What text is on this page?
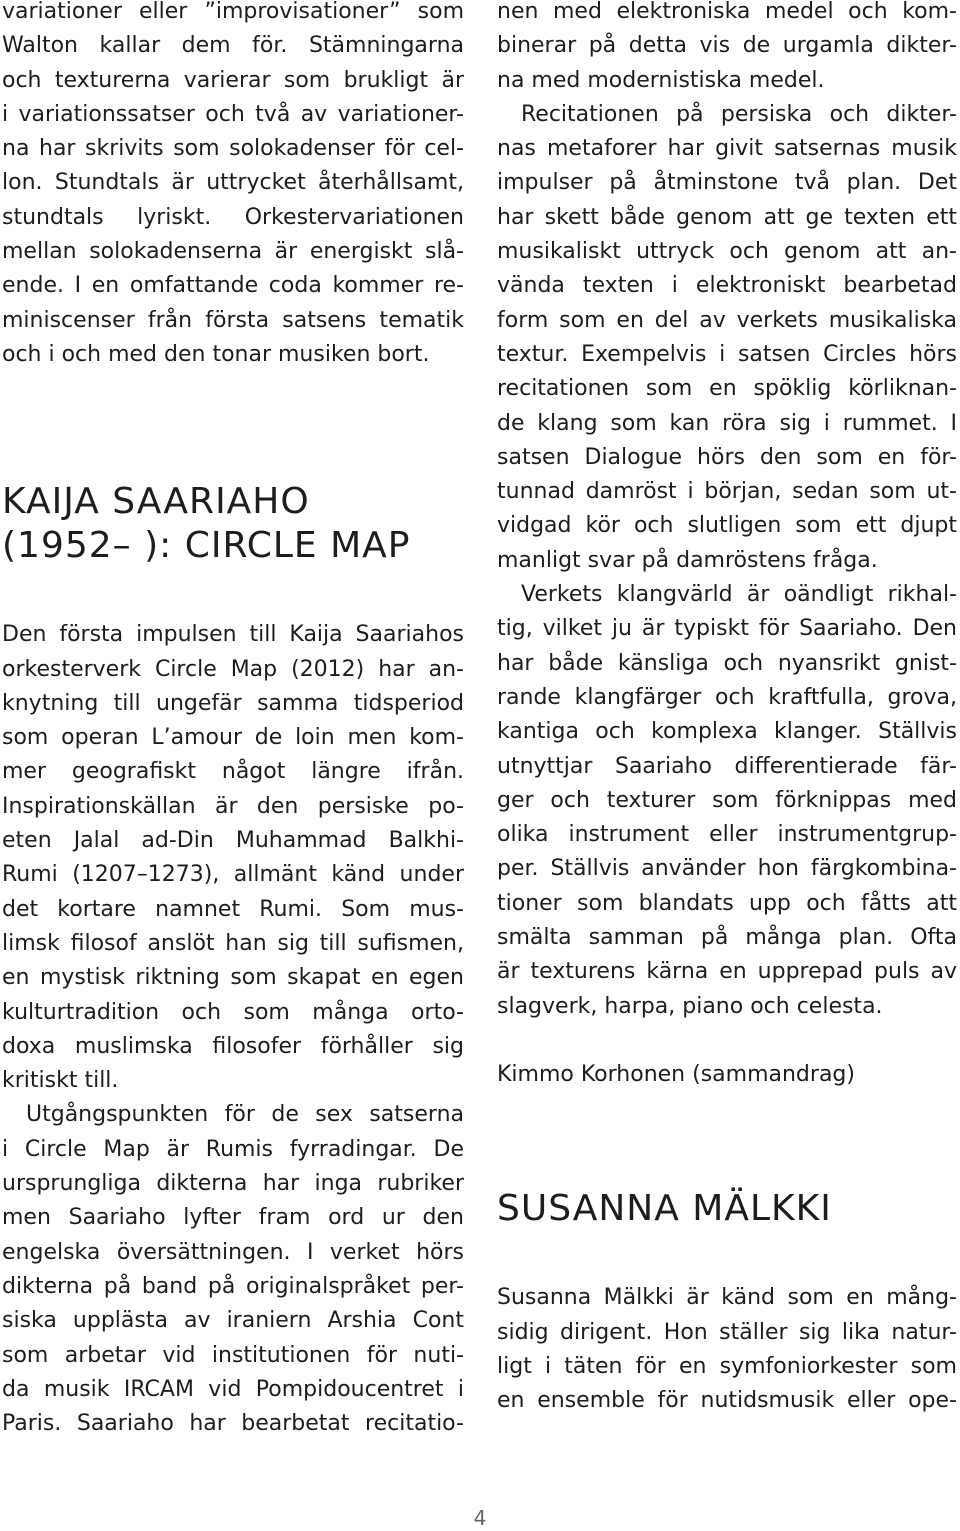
variationer eller ”improvisationer” som
Walton kallar dem för. Stämningarna
och texturerna varierar som brukligt är
i variationssatser och två av variationer-
na har skrivits som solokadenser för cel-
lon. Stundtals är uttrycket återhållsamt,
stundtals lyriskt. Orkestervariationen
mellan solokadenserna är energiskt slå-
ende. I en omfattande coda kommer re-
miniscenser från första satsens tematik
och i och med den tonar musiken bort.
KAIJA SAARIAHO
(1952– ): CIRCLE MAP
Den första impulsen till Kaija Saariahos
orkesterverk Circle Map (2012) har an-
knytning till ungefär samma tidsperiod
som operan L’amour de loin men kom-
mer geografiskt något längre ifrån.
Inspirationskällan är den persiske po-
eten Jalal ad-Din Muhammad Balkhi-
Rumi (1207–1273), allmänt känd under
det kortare namnet Rumi. Som mus-
limsk filosof anslöt han sig till sufismen,
en mystisk riktning som skapat en egen
kulturtradition och som många orto-
doxa muslimska filosofer förhåller sig
kritiskt till.
Utgångspunkten för de sex satserna
i Circle Map är Rumis fyrradingar. De
ursprungliga dikterna har inga rubriker
men Saariaho lyfter fram ord ur den
engelska översättningen. I verket hörs
dikterna på band på originalspråket per-
siska upplästa av iraniern Arshia Cont
som arbetar vid institutionen för nuti-
da musik IRCAM vid Pompidoucentret i
Paris. Saariaho har bearbetat recitatio-
nen med elektroniska medel och kom-
binerar på detta vis de urgamla dikter-
na med modernistiska medel.
Recitationen på persiska och dikter-
nas metaforer har givit satsernas musik
impulser på åtminstone två plan. Det
har skett både genom att ge texten ett
musikaliskt uttryck och genom att an-
vända texten i elektroniskt bearbetad
form som en del av verkets musikaliska
textur. Exempelvis i satsen Circles hörs
recitationen som en spöklig körliknan-
de klang som kan röra sig i rummet. I
satsen Dialogue hörs den som en för-
tunnad damröst i början, sedan som ut-
vidgad kör och slutligen som ett djupt
manligt svar på damröstens fråga.
Verkets klangvärld är oändligt rikhal-
tig, vilket ju är typiskt för Saariaho. Den
har både känsliga och nyansrikt gnist-
rande klangfärger och kraftfulla, grova,
kantiga och komplexa klanger. Ställvis
utnyttjar Saariaho differentierade fär-
ger och texturer som förknippas med
olika instrument eller instrumentgrup-
per. Ställvis använder hon färgkombina-
tioner som blandats upp och fåtts att
smälta samman på många plan. Ofta
är texturens kärna en upprepad puls av
slagverk, harpa, piano och celesta.
Kimmo Korhonen (sammandrag)
SUSANNA MÄLKKI
Susanna Mälkki är känd som en mång-
sidig dirigent. Hon ställer sig lika natur-
ligt i täten för en symfoniorkester som
en ensemble för nutidsmusik eller ope-
4
